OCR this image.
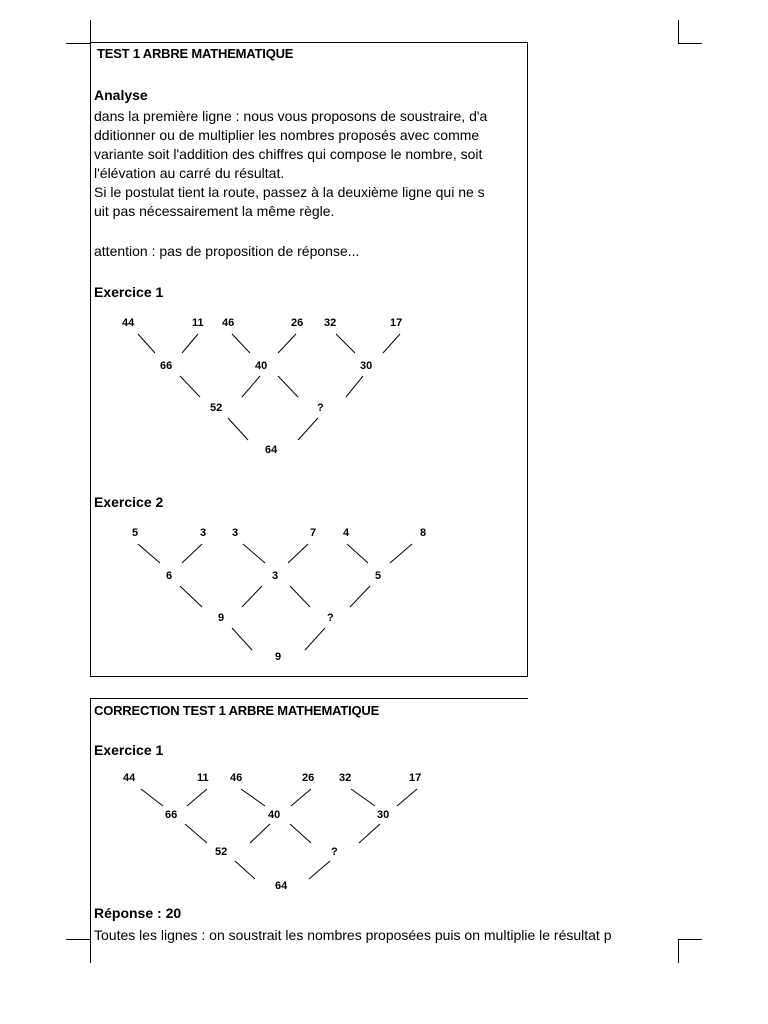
TEST 1 ARBRE MATHEMATIQUE
Analyse
dans la première ligne : nous vous proposons de soustraire, d'a
dditionner ou de multiplier les nombres proposés avec comme
variante soit l'addition des chiffres qui compose le nombre, soit
l'élévation au carré du résultat.
Si le postulat tient la route, passez à la deuxième ligne qui ne s
uit pas nécessairement la même règle.
attention : pas de proposition de réponse...
Exercice 1
44	11 46	26 32	17
66	40	30
52	?
64
Exercice 2
5	3 3	7 4	8
6	3	5
9	?
9
CORRECTION TEST 1 ARBRE MATHEMATIQUE
Exercice 1
44	11 46	26 32	17
66	40	30
52	?
64
Réponse : 20
Toutes les lignes : on soustrait les nombres proposées puis on multiplie le résultat p
